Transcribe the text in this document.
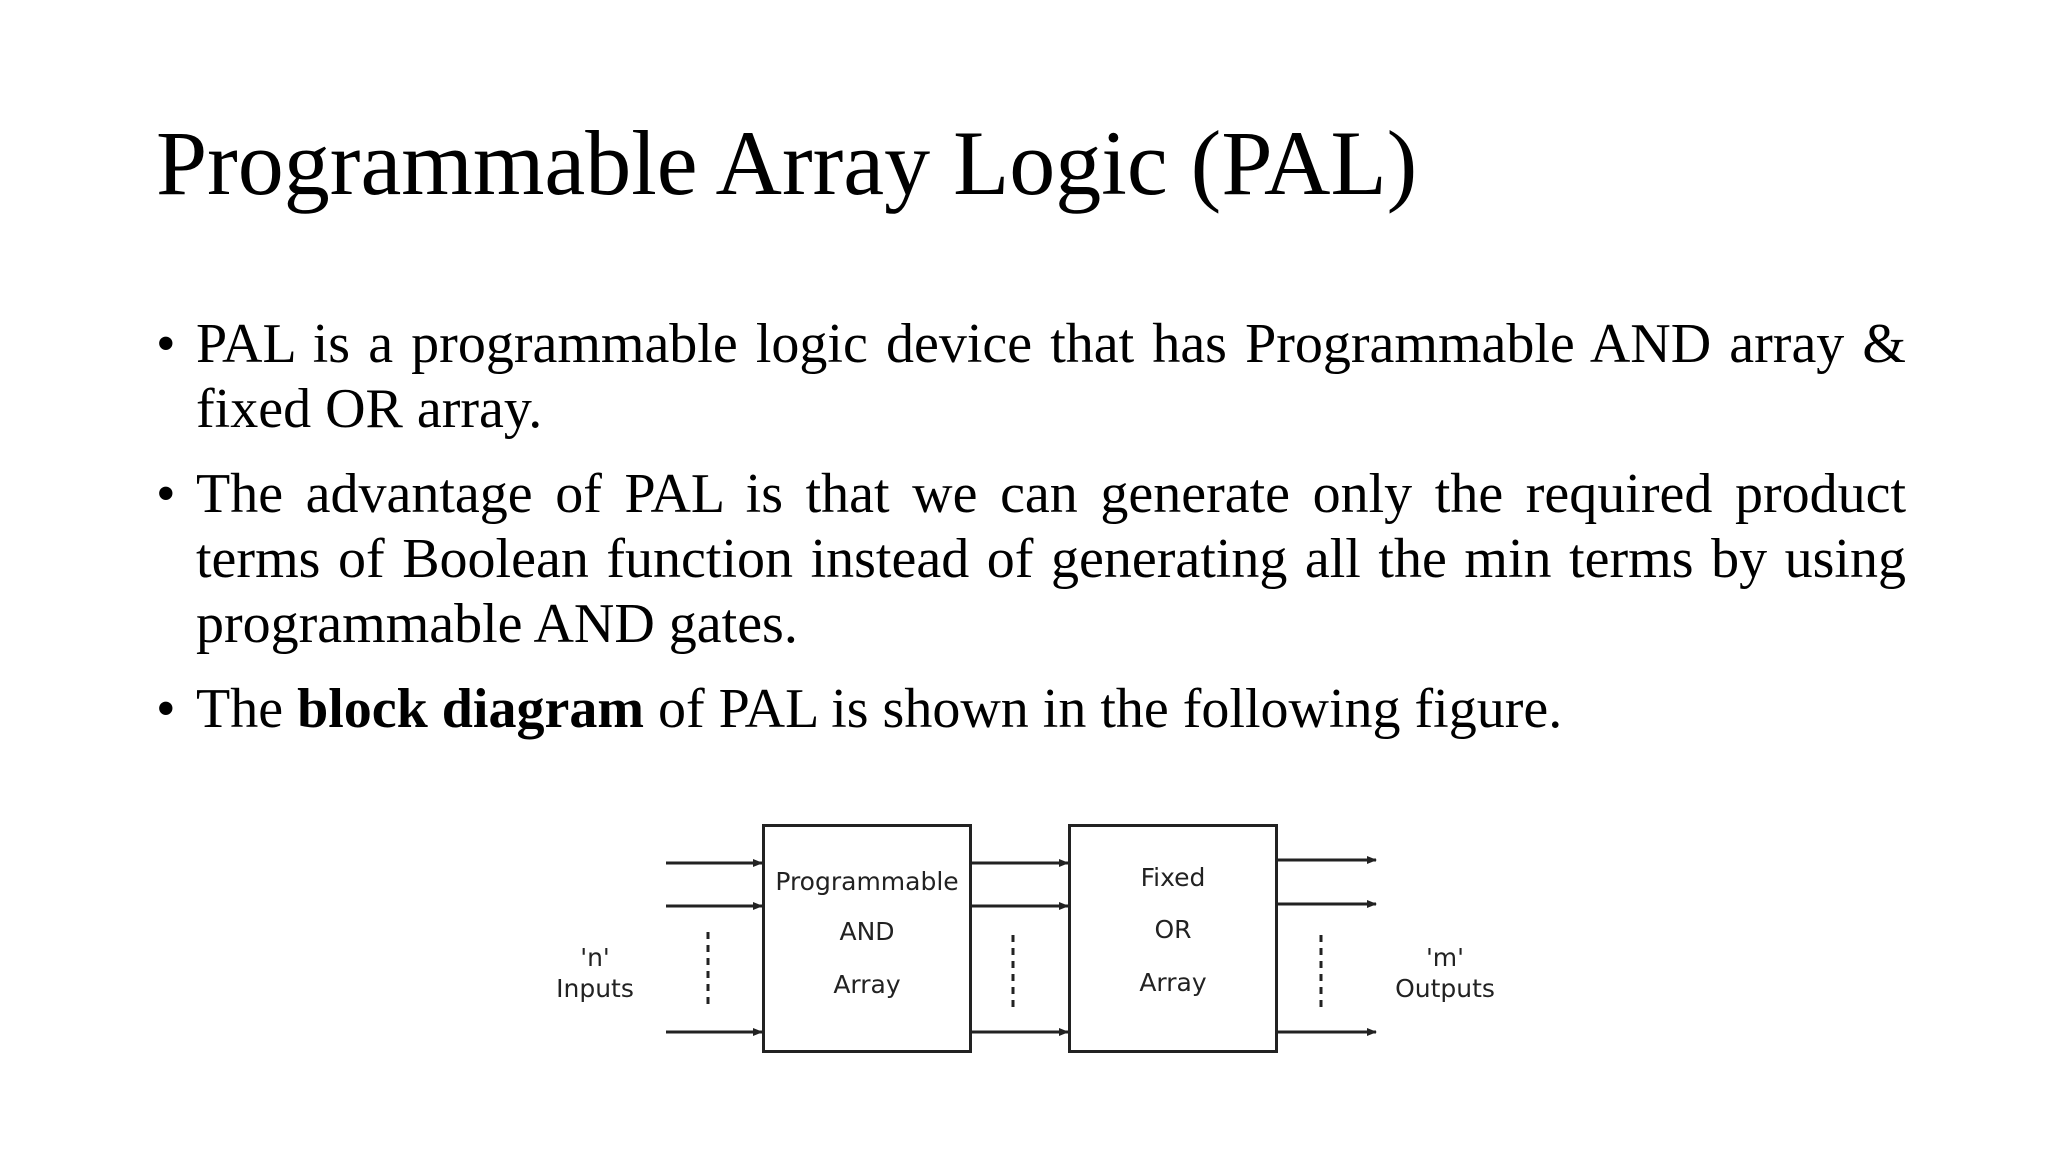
Programmable Array Logic (PAL)
• PAL is a programmable logic device that has Programmable AND array & fixed OR array.
• The advantage of PAL is that we can generate only the required product terms of Boolean function instead of generating all the min terms by using programmable AND gates.
• The block diagram of PAL is shown in the following figure.
'n'
Inputs
Programmable
AND
Array
Fixed
OR
Array
'm'
Outputs
